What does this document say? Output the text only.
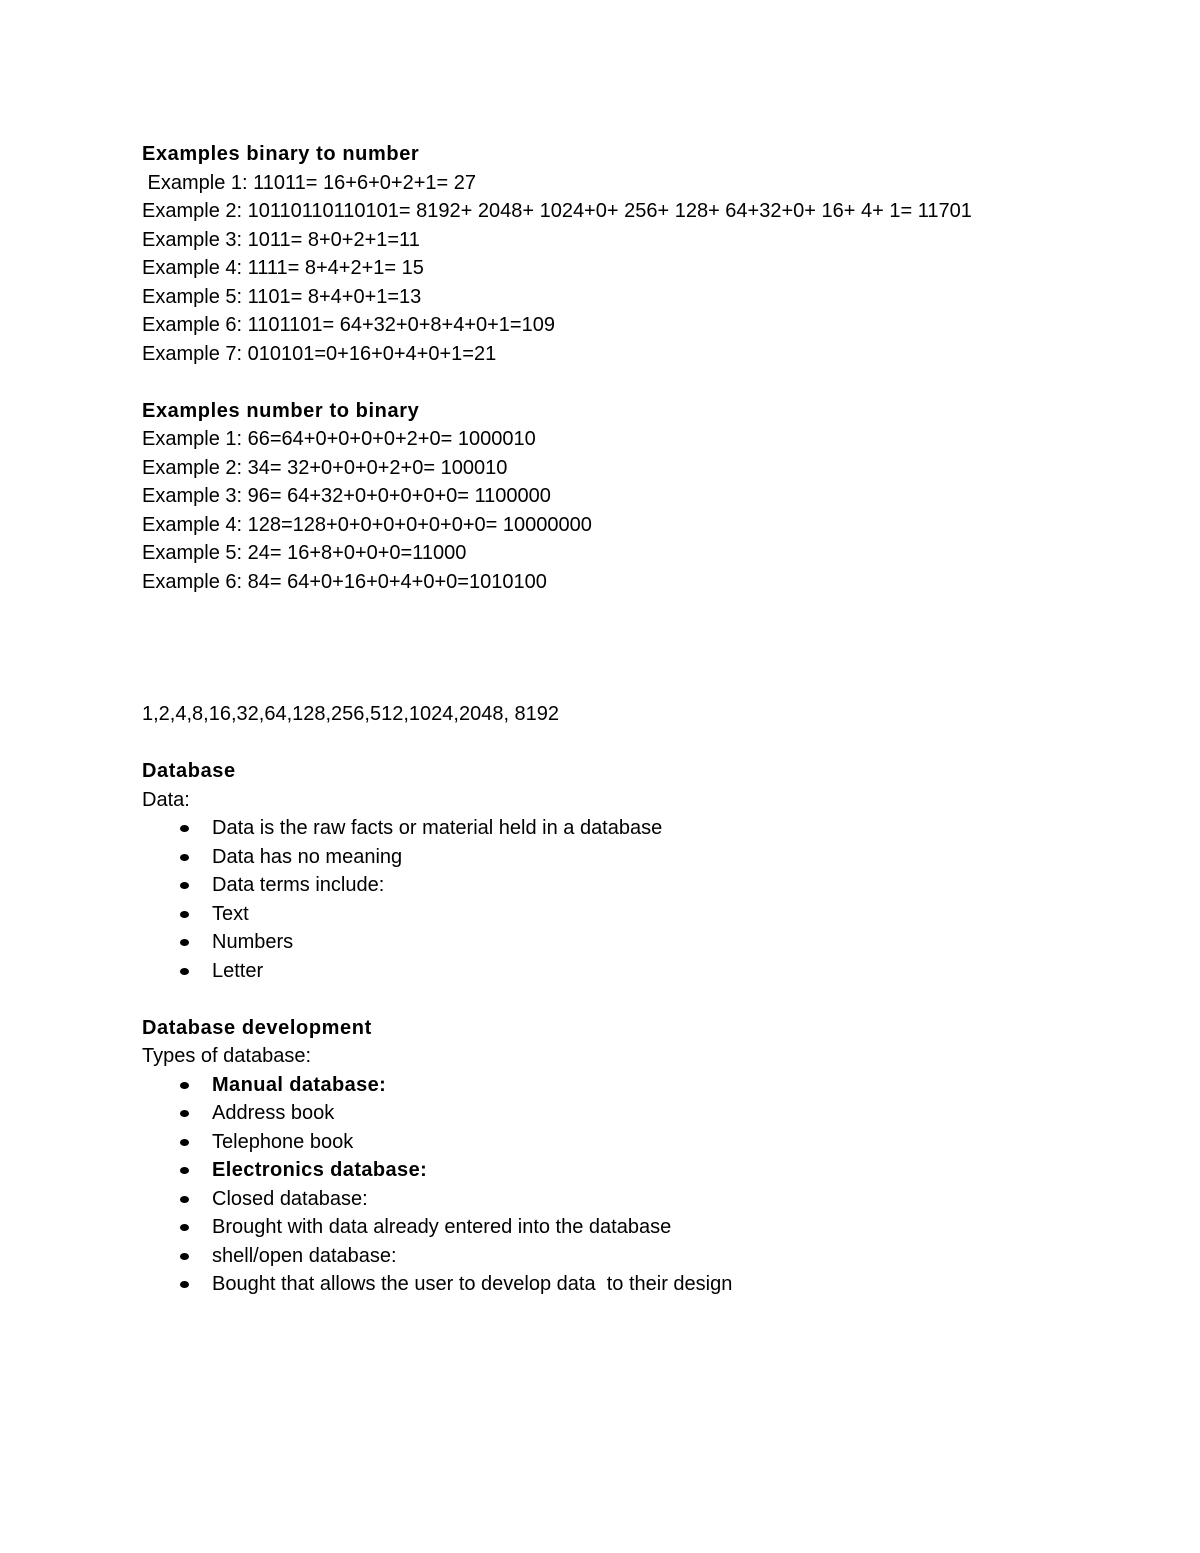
Examples binary to number
Example 1: 11011= 16+6+0+2+1= 27
Example 2: 10110110110101= 8192+ 2048+ 1024+0+ 256+ 128+ 64+32+0+ 16+ 4+ 1= 11701
Example 3: 1011= 8+0+2+1=11
Example 4: 1111= 8+4+2+1= 15
Example 5: 1101= 8+4+0+1=13
Example 6: 1101101= 64+32+0+8+4+0+1=109
Example 7: 010101=0+16+0+4+0+1=21
Examples number to binary
Example 1: 66=64+0+0+0+0+2+0= 1000010
Example 2: 34= 32+0+0+0+2+0= 100010
Example 3: 96= 64+32+0+0+0+0+0= 1100000
Example 4: 128=128+0+0+0+0+0+0+0= 10000000
Example 5: 24= 16+8+0+0+0=11000
Example 6: 84= 64+0+16+0+4+0+0=1010100
1,2,4,8,16,32,64,128,256,512,1024,2048, 8192
Database
Data:
Data is the raw facts or material held in a database
Data has no meaning
Data terms include:
Text
Numbers
Letter
Database development
Types of database:
Manual database:
Address book
Telephone book
Electronics database:
Closed database:
Brought with data already entered into the database
shell/open database:
Bought that allows the user to develop data  to their design
